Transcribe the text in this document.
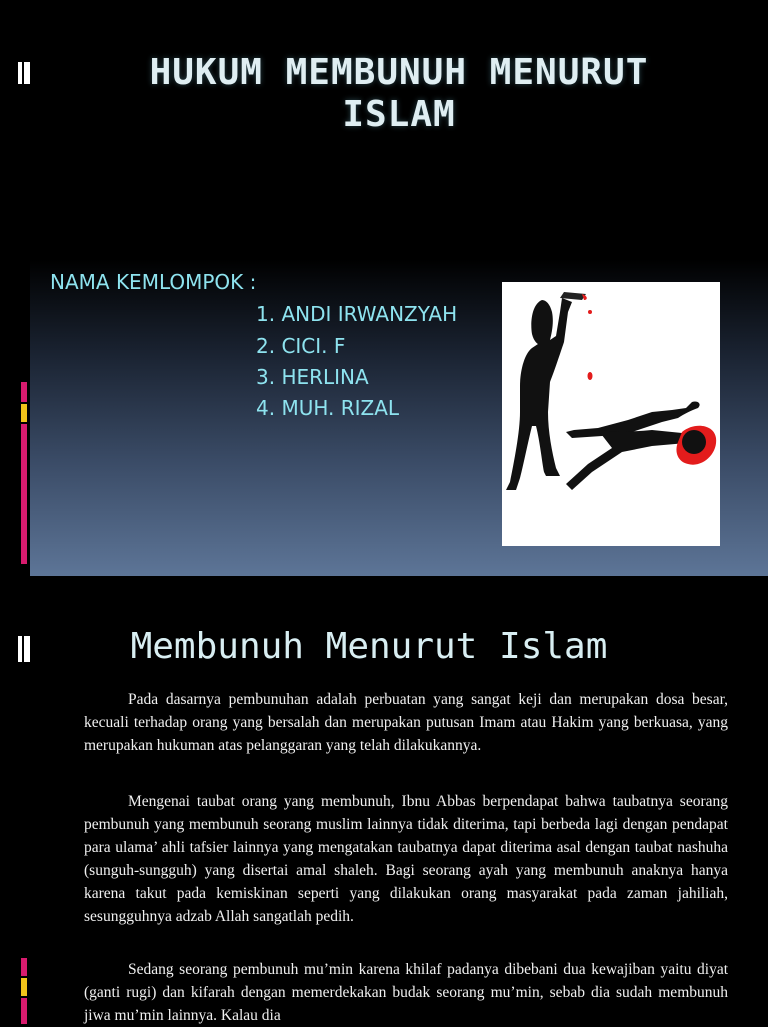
HUKUM MEMBUNUH MENURUT
ISLAM
NAMA KEMLOMPOK :
1. ANDI IRWANZYAH
2. CICI. F
3. HERLINA
4. MUH. RIZAL
Membunuh Menurut Islam

Pada dasarnya pembunuhan adalah perbuatan yang sangat keji dan merupakan dosa besar, kecuali terhadap orang yang bersalah dan merupakan putusan Imam atau Hakim yang berkuasa, yang merupakan hukuman atas pelanggaran yang telah dilakukannya.

Mengenai taubat orang yang membunuh, Ibnu Abbas berpendapat bahwa taubatnya seorang pembunuh yang membunuh seorang muslim lainnya tidak diterima, tapi berbeda lagi dengan pendapat para ulama’ ahli tafsier lainnya yang mengatakan taubatnya dapat diterima asal dengan taubat nashuha (sunguh-sungguh) yang disertai amal shaleh. Bagi seorang ayah yang membunuh anaknya hanya karena takut pada kemiskinan seperti yang dilakukan orang masyarakat pada zaman jahiliah, sesungguhnya adzab Allah sangatlah pedih.

Sedang seorang pembunuh mu’min karena khilaf padanya dibebani dua kewajiban yaitu diyat (ganti rugi) dan kifarah dengan memerdekakan budak seorang mu’min, sebab dia sudah membunuh jiwa mu’min lainnya. Kalau dia
